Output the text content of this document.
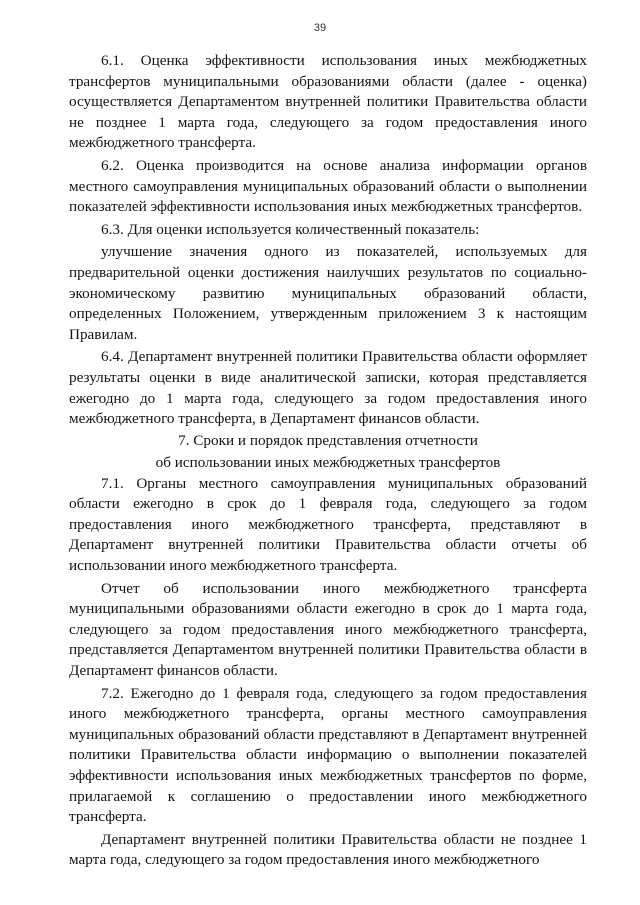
39

6.1. Оценка эффективности использования иных межбюджетных трансфертов муниципальными образованиями области (далее - оценка) осуществляется Департаментом внутренней политики Правительства области не позднее 1 марта года, следующего за годом предоставления иного межбюджетного трансферта.

6.2. Оценка производится на основе анализа информации органов местного самоуправления муниципальных образований области о выполнении показателей эффективности использования иных межбюджетных трансфертов.

6.3. Для оценки используется количественный показатель:

улучшение значения одного из показателей, используемых для предварительной оценки достижения наилучших результатов по социально-экономическому развитию муниципальных образований области, определенных Положением, утвержденным приложением 3 к настоящим Правилам.

6.4. Департамент внутренней политики Правительства области оформляет результаты оценки в виде аналитической записки, которая представляется ежегодно до 1 марта года, следующего за годом предоставления иного межбюджетного трансферта, в Департамент финансов области.

7. Сроки и порядок представления отчетности
об использовании иных межбюджетных трансфертов

7.1. Органы местного самоуправления муниципальных образований области ежегодно в срок до 1 февраля года, следующего за годом предоставления иного межбюджетного трансферта, представляют в Департамент внутренней политики Правительства области отчеты об использовании иного межбюджетного трансферта.

Отчет об использовании иного межбюджетного трансферта муниципальными образованиями области ежегодно в срок до 1 марта года, следующего за годом предоставления иного межбюджетного трансферта, представляется Департаментом внутренней политики Правительства области в Департамент финансов области.

7.2. Ежегодно до 1 февраля года, следующего за годом предоставления иного межбюджетного трансферта, органы местного самоуправления муниципальных образований области представляют в Департамент внутренней политики Правительства области информацию о выполнении показателей эффективности использования иных межбюджетных трансфертов по форме, прилагаемой к соглашению о предоставлении иного межбюджетного трансферта.

Департамент внутренней политики Правительства области не позднее 1 марта года, следующего за годом предоставления иного межбюджетного
